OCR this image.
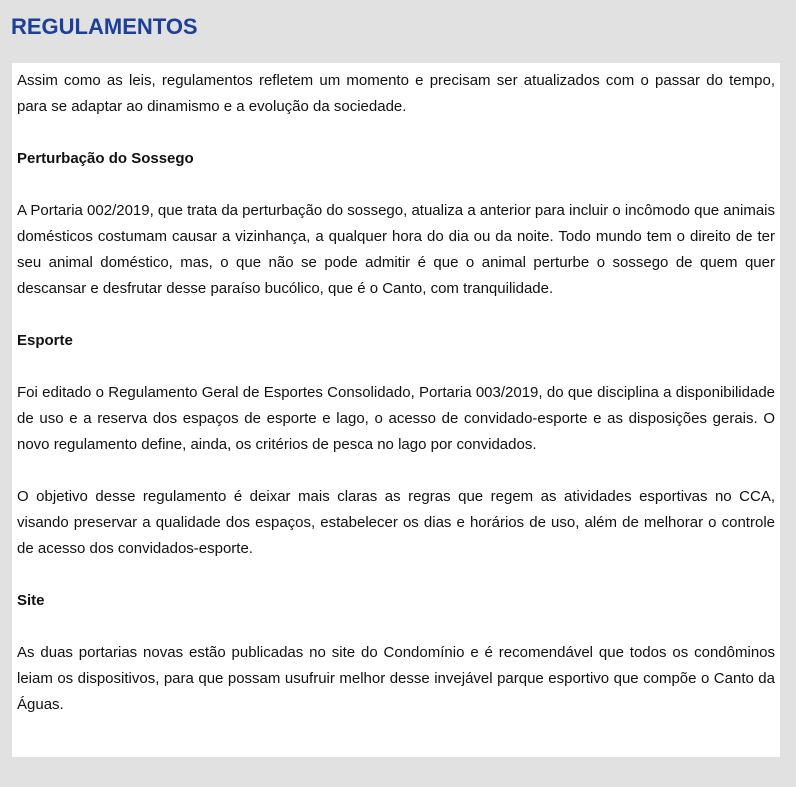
REGULAMENTOS

Assim como as leis, regulamentos refletem um momento e precisam ser atualizados com o passar do tempo, para se adaptar ao dinamismo e a evolução da sociedade.

Perturbação do Sossego

A Portaria 002/2019, que trata da perturbação do sossego, atualiza a anterior para incluir o incômodo que animais domésticos costumam causar a vizinhança, a qualquer hora do dia ou da noite. Todo mundo tem o direito de ter seu animal doméstico, mas, o que não se pode admitir é que o animal perturbe o sossego de quem quer descansar e desfrutar desse paraíso bucólico, que é o Canto, com tranquilidade.

Esporte

Foi editado o Regulamento Geral de Esportes Consolidado, Portaria 003/2019, do que disciplina a disponibilidade de uso e a reserva dos espaços de esporte e lago, o acesso de convidado-esporte e as disposições gerais. O novo regulamento define, ainda, os critérios de pesca no lago por convidados.

O objetivo desse regulamento é deixar mais claras as regras que regem as atividades esportivas no CCA, visando preservar a qualidade dos espaços, estabelecer os dias e horários de uso, além de melhorar o controle de acesso dos convidados-esporte.

Site

As duas portarias novas estão publicadas no site do Condomínio e é recomendável que todos os condôminos leiam os dispositivos, para que possam usufruir melhor desse invejável parque esportivo que compõe o Canto da Águas.
